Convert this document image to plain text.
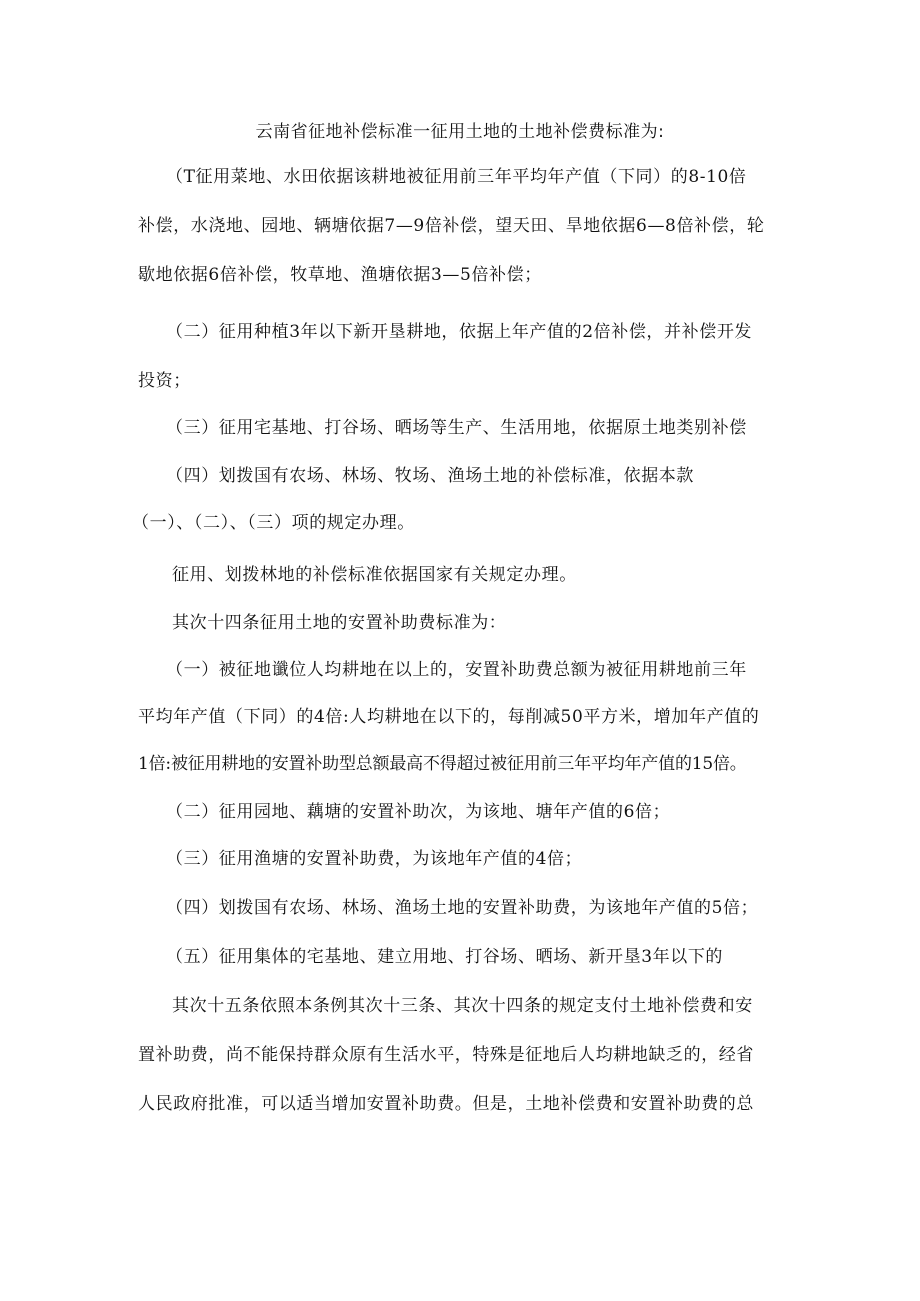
云南省征地补偿标准一征用土地的土地补偿费标准为:
（T征用菜地、水田依据该耕地被征用前三年平均年产值（下同）的8-10倍
补偿，水浇地、园地、辆塘依据7—9倍补偿，望天田、旱地依据6—8倍补偿，轮
歇地依据6倍补偿，牧草地、渔塘依据3—5倍补偿；
（二）征用种植3年以下新开垦耕地，依据上年产值的2倍补偿，并补偿开发
投资；
（三）征用宅基地、打谷场、晒场等生产、生活用地，依据原土地类别补偿
（四）划拨国有农场、林场、牧场、渔场土地的补偿标准，依据本款
（一）、（二）、（三）项的规定办理。
征用、划拨林地的补偿标准依据国家有关规定办理。
其次十四条征用土地的安置补助费标准为：
（一）被征地谶位人均耕地在以上的，安置补助费总额为被征用耕地前三年
平均年产值（下同）的4倍:人均耕地在以下的，每削减50平方米，增加年产值的
1倍:被征用耕地的安置补助型总额最高不得超过被征用前三年平均年产值的15倍。
（二）征用园地、藕塘的安置补助次，为该地、塘年产值的6倍；
（三）征用渔塘的安置补助费，为该地年产值的4倍；
（四）划拨国有农场、林场、渔场土地的安置补助费，为该地年产值的5倍；
（五）征用集体的宅基地、建立用地、打谷场、晒场、新开垦3年以下的
其次十五条依照本条例其次十三条、其次十四条的规定支付土地补偿费和安
置补助费，尚不能保持群众原有生活水平，特殊是征地后人均耕地缺乏的，经省
人民政府批准，可以适当增加安置补助费。但是，土地补偿费和安置补助费的总
